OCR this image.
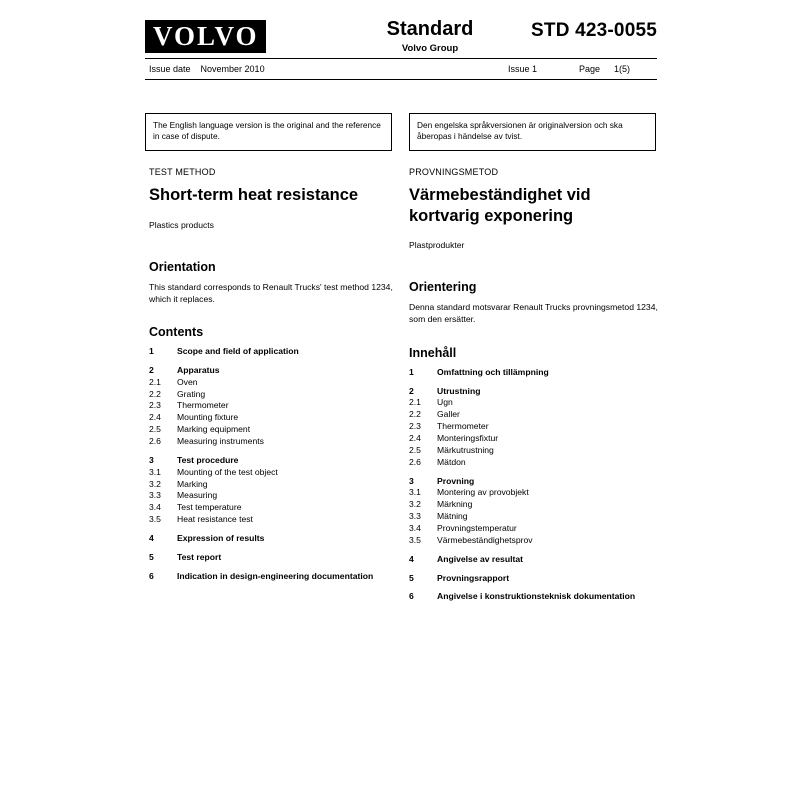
VOLVO	Standard
Volvo Group
STD 423-0055
Issue date November 2010	Issue 1	Page 1(5)
The English language version is the original and the reference in case of dispute.
Den engelska språkversionen är originalversion och ska åberopas i händelse av tvist.
TEST METHOD
Short-term heat resistance

Plastics products

Orientation

This standard corresponds to Renault Trucks' test method 1234, which it replaces.

Contents
1	Scope and field of application
2	Apparatus
2.1 Oven
2.2 Grating
2.3 Thermometer
2.4 Mounting fixture
2.5 Marking equipment
2.6 Measuring instruments
3	Test procedure
3.1 Mounting of the test object
3.2 Marking
3.3 Measuring
3.4 Test temperature
3.5 Heat resistance test
4	Expression of results
5	Test report
6	Indication in design-engineering documentation
PROVNINGSMETOD
Värmebeständighet vid kortvarig exponering

Plastprodukter

Orientering

Denna standard motsvarar Renault Trucks provningsmetod 1234, som den ersätter.

Innehåll
1	Omfattning och tillämpning
2	Utrustning
2.1 Ugn
2.2 Galler
2.3 Thermometer
2.4 Monteringsfixtur
2.5 Märkutrustning
2.6 Mätdon
3	Provning
3.1 Montering av provobjekt
3.2 Märkning
3.3 Mätning
3.4 Provningstemperatur
3.5 Värmebeständighetsprov
4	Angivelse av resultat
5	Provningsrapport
6	Angivelse i konstruktionsteknisk dokumentation
